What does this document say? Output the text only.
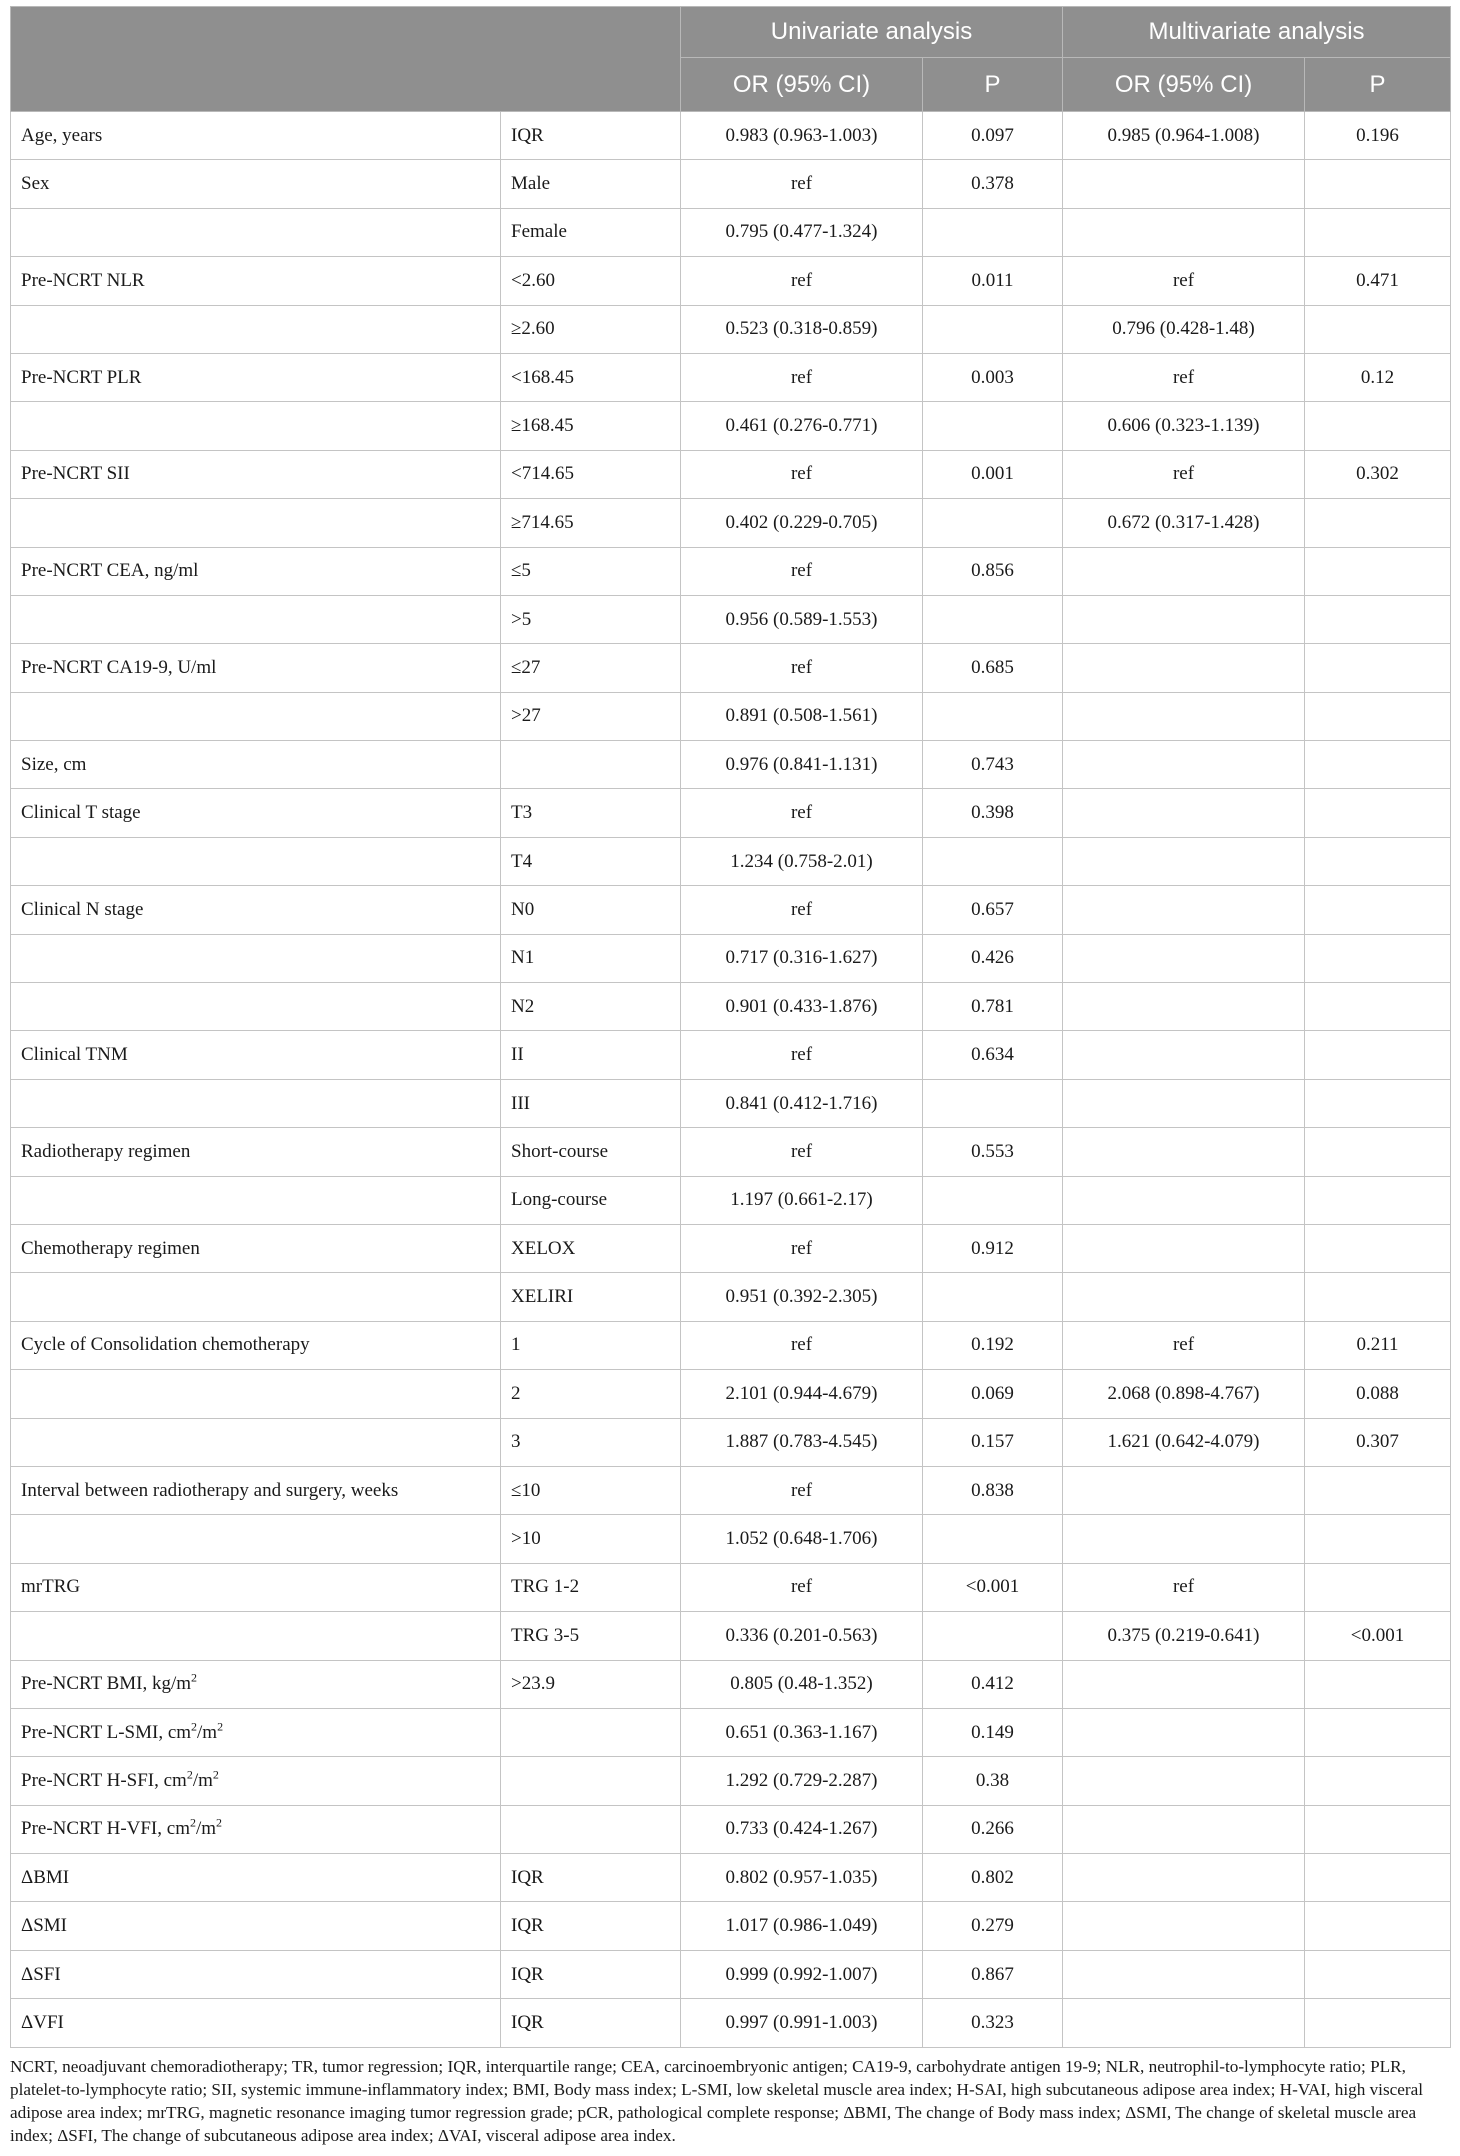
		Univariate analysis		Multivariate analysis	
		OR (95% CI)	P	OR (95% CI)	P
Age, years	IQR	0.983 (0.963-1.003)	0.097	0.985 (0.964-1.008)	0.196
Sex	Male	ref	0.378		
	Female	0.795 (0.477-1.324)			
Pre-NCRT NLR	<2.60	ref	0.011	ref	0.471
	≥2.60	0.523 (0.318-0.859)		0.796 (0.428-1.48)	
Pre-NCRT PLR	<168.45	ref	0.003	ref	0.12
	≥168.45	0.461 (0.276-0.771)		0.606 (0.323-1.139)	
Pre-NCRT SII	<714.65	ref	0.001	ref	0.302
	≥714.65	0.402 (0.229-0.705)		0.672 (0.317-1.428)	
Pre-NCRT CEA, ng/ml	≤5	ref	0.856		
	>5	0.956 (0.589-1.553)			
Pre-NCRT CA19-9, U/ml	≤27	ref	0.685		
	>27	0.891 (0.508-1.561)			
Size, cm		0.976 (0.841-1.131)	0.743		
Clinical T stage	T3	ref	0.398		
	T4	1.234 (0.758-2.01)			
Clinical N stage	N0	ref	0.657		
	N1	0.717 (0.316-1.627)	0.426		
	N2	0.901 (0.433-1.876)	0.781		
Clinical TNM	II	ref	0.634		
	III	0.841 (0.412-1.716)			
Radiotherapy regimen	Short-course	ref	0.553		
	Long-course	1.197 (0.661-2.17)			
Chemotherapy regimen	XELOX	ref	0.912		
	XELIRI	0.951 (0.392-2.305)			
Cycle of Consolidation chemotherapy	1	ref	0.192	ref	0.211
	2	2.101 (0.944-4.679)	0.069	2.068 (0.898-4.767)	0.088
	3	1.887 (0.783-4.545)	0.157	1.621 (0.642-4.079)	0.307
Interval between radiotherapy and surgery, weeks	≤10	ref	0.838		
	>10	1.052 (0.648-1.706)			
mrTRG	TRG 1-2	ref	<0.001	ref	
	TRG 3-5	0.336 (0.201-0.563)		0.375 (0.219-0.641)	<0.001
Pre-NCRT BMI, $kg/m^2$	>23.9	0.805 (0.48-1.352)	0.412		
Pre-NCRT L-SMI, $cm^2/m^2$		0.651 (0.363-1.167)	0.149		
Pre-NCRT H-SFI, $cm^2/m^2$		1.292 (0.729-2.287)	0.38		
Pre-NCRT H-VFI, $cm^2/m^2$		0.733 (0.424-1.267)	0.266		
ΔBMI	IQR	0.802 (0.957-1.035)	0.802		
ΔSMI	IQR	1.017 (0.986-1.049)	0.279		
ΔSFI	IQR	0.999 (0.992-1.007)	0.867		
ΔVFI	IQR	0.997 (0.991-1.003)	0.323		
NCRT, neoadjuvant chemoradiotherapy; TR, tumor regression; IQR, interquartile range; CEA, carcinoembryonic antigen; CA19-9, carbohydrate antigen 19-9; NLR, neutrophil-to-lymphocyte ratio; PLR, platelet-to-lymphocyte ratio; SII, systemic immune-inflammatory index; BMI, Body mass index; L-SMI, low skeletal muscle area index; H-SAI, high subcutaneous adipose area index; H-VAI, high visceral adipose area index; mrTRG, magnetic resonance imaging tumor regression grade; pCR, pathological complete response; ΔBMI, The change of Body mass index; ΔSMI, The change of skeletal muscle area index; ΔSFI, The change of subcutaneous adipose area index; ΔVAI, visceral adipose area index.
